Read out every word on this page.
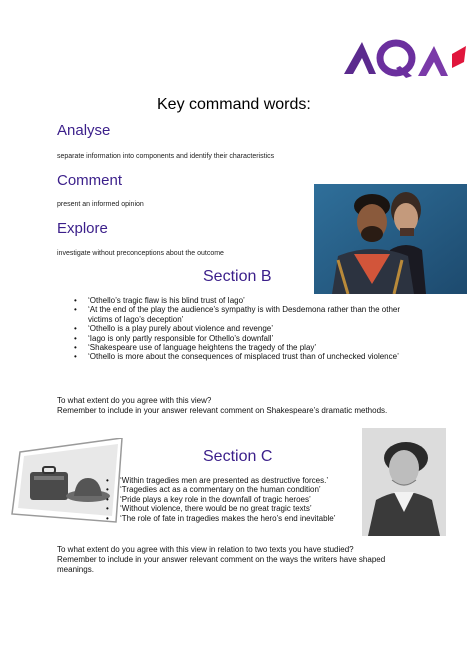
Key command words:
Analyse
separate information into components and identify their characteristics
Comment
present an informed opinion
Explore
investigate without preconceptions about the outcome
Section B
• ‘Othello’s tragic flaw is his blind trust of Iago’
• ‘At the end of the play the audience’s sympathy is with Desdemona rather than the other victims of Iago’s deception’
• ‘Othello is a play purely about violence and revenge’
• ‘Iago is only partly responsible for Othello’s downfall’
• ‘Shakespeare use of language heightens the tragedy of the play’
• ‘Othello is more about the consequences of misplaced trust than of unchecked violence’
To what extent do you agree with this view?
Remember to include in your answer relevant comment on Shakespeare’s dramatic methods.
Section C
• ‘Within tragedies men are presented as destructive forces.’
• ‘Tragedies act as a commentary on the human condition’
• ‘Pride plays a key role in the downfall of tragic heroes’
• ‘Without violence, there would be no great tragic texts’
• ‘The role of fate in tragedies makes the hero’s end inevitable’
To what extent do you agree with this view in relation to two texts you have studied?
Remember to include in your answer relevant comment on the ways the writers have shaped meanings.
